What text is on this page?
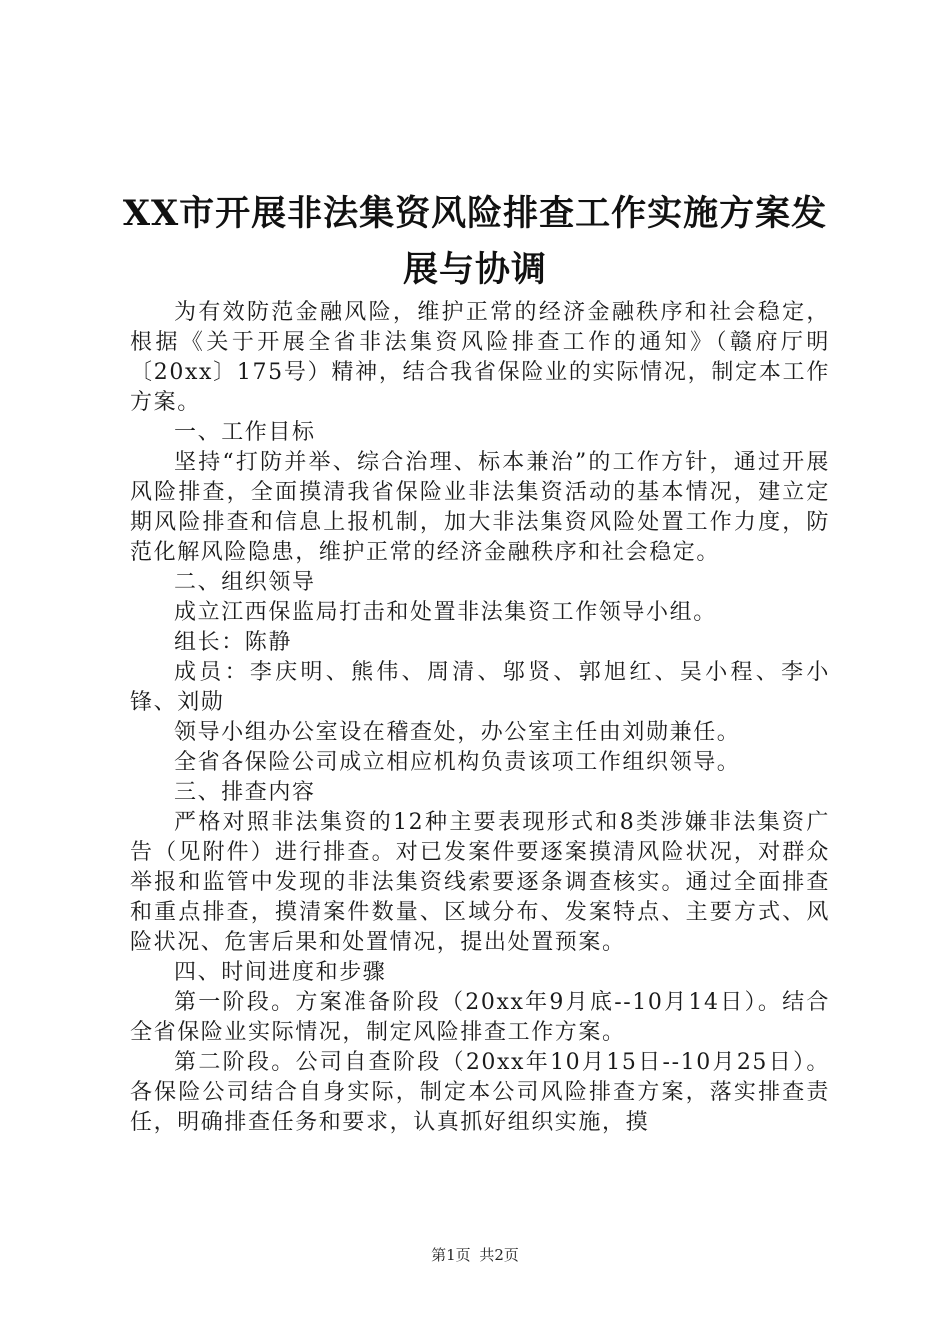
XX市开展非法集资风险排查工作实施方案发
展与协调

为有效防范金融风险，维护正常的经济金融秩序和社会稳定，根据《关于开展全省非法集资风险排查工作的通知》（赣府厅明〔20xx〕175号）精神，结合我省保险业的实际情况，制定本工作方案。

一、工作目标

坚持“打防并举、综合治理、标本兼治”的工作方针，通过开展风险排查，全面摸清我省保险业非法集资活动的基本情况，建立定期风险排查和信息上报机制，加大非法集资风险处置工作力度，防范化解风险隐患，维护正常的经济金融秩序和社会稳定。

二、组织领导

成立江西保监局打击和处置非法集资工作领导小组。

组长：陈静

成员：李庆明、熊伟、周清、邬贤、郭旭红、吴小程、李小锋、刘勋

领导小组办公室设在稽查处，办公室主任由刘勋兼任。

全省各保险公司成立相应机构负责该项工作组织领导。

三、排查内容

严格对照非法集资的12种主要表现形式和8类涉嫌非法集资广告（见附件）进行排查。对已发案件要逐案摸清风险状况，对群众举报和监管中发现的非法集资线索要逐条调查核实。通过全面排查和重点排查，摸清案件数量、区域分布、发案特点、主要方式、风险状况、危害后果和处置情况，提出处置预案。

四、时间进度和步骤

第一阶段。方案准备阶段（20xx年9月底--10月14日）。结合全省保险业实际情况，制定风险排查工作方案。

第二阶段。公司自查阶段（20xx年10月15日--10月25日）。各保险公司结合自身实际，制定本公司风险排查方案，落实排查责任，明确排查任务和要求，认真抓好组织实施，摸

第1页 共2页
